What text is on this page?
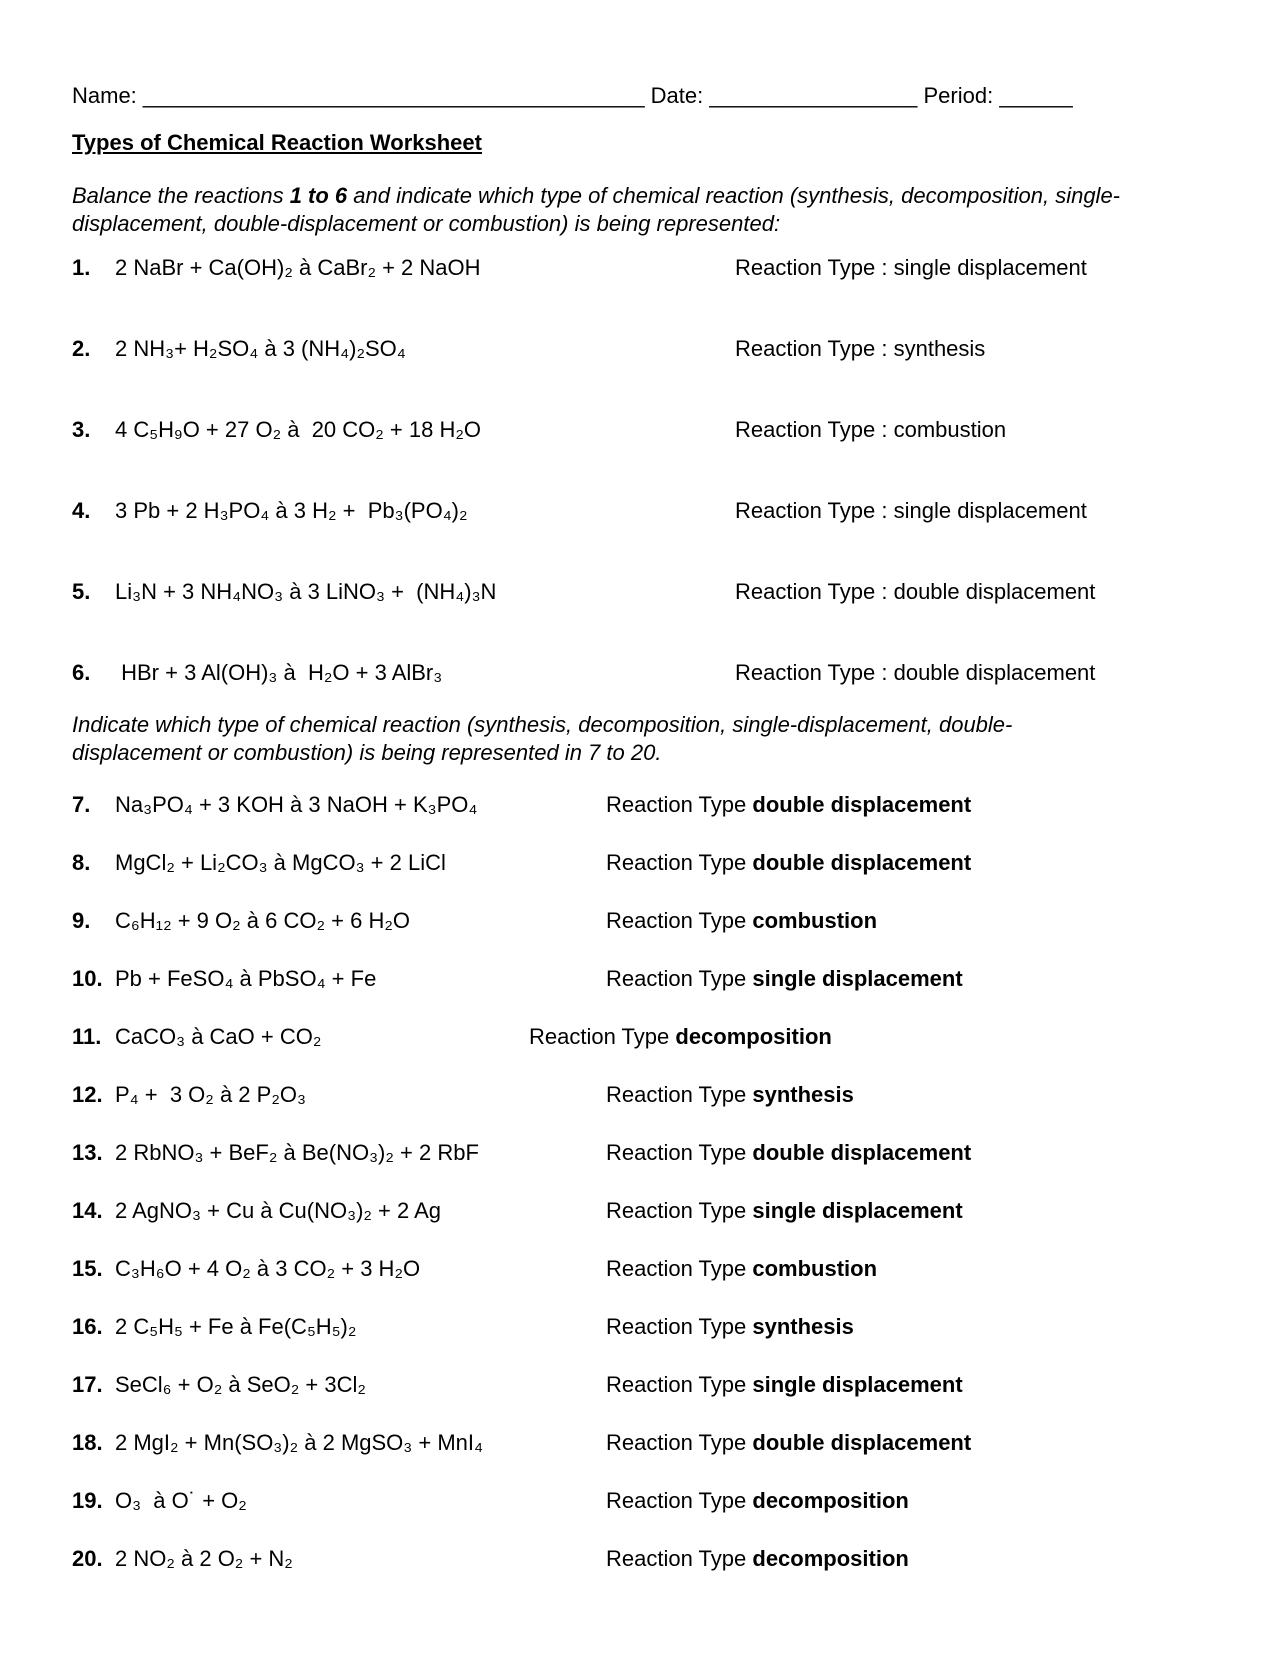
Name: _________________________________________ Date: _________________ Period: ______
Types of Chemical Reaction Worksheet

Balance the reactions 1 to 6 and indicate which type of chemical reaction (synthesis, decomposition, single-displacement, double-displacement or combustion) is being represented:

1.	2 NaBr + Ca(OH)₂ à CaBr₂ + 2 NaOH	Reaction Type : single displacement
2.	2 NH₃+ H₂SO₄ à 3 (NH₄)₂SO₄	Reaction Type : synthesis
3.	4 C₅H₉O + 27 O₂ à  20 CO₂ + 18 H₂O	Reaction Type : combustion
4.	3 Pb + 2 H₃PO₄ à 3 H₂ +  Pb₃(PO₄)₂	Reaction Type : single displacement
5.	Li₃N + 3 NH₄NO₃ à 3 LiNO₃ +  (NH₄)₃N	Reaction Type : double displacement
6.	HBr + 3 Al(OH)₃ à  H₂O + 3 AlBr₃	Reaction Type : double displacement

Indicate which type of chemical reaction (synthesis, decomposition, single-displacement, double-displacement or combustion) is being represented in 7 to 20.

7.	Na₃PO₄ + 3 KOH à 3 NaOH + K₃PO₄	Reaction Type double displacement
8.	MgCl₂ + Li₂CO₃ à MgCO₃ + 2 LiCl	Reaction Type double displacement
9.	C₆H₁₂ + 9 O₂ à 6 CO₂ + 6 H₂O	Reaction Type combustion
10. Pb + FeSO₄ à PbSO₄ + Fe	Reaction Type single displacement
11. CaCO₃ à CaO + CO₂	Reaction Type decomposition
12. P₄ +  3 O₂ à 2 P₂O₃	Reaction Type synthesis
13. 2 RbNO₃ + BeF₂ à Be(NO₃)₂ + 2 RbF	Reaction Type double displacement
14. 2 AgNO₃ + Cu à Cu(NO₃)₂ + 2 Ag	Reaction Type single displacement
15. C₃H₆O + 4 O₂ à 3 CO₂ + 3 H₂O	Reaction Type combustion
16. 2 C₅H₅ + Fe à Fe(C₅H₅)₂	Reaction Type synthesis
17. SeCl₆ + O₂ à SeO₂ + 3Cl₂	Reaction Type single displacement
18. 2 MgI₂ + Mn(SO₃)₂ à 2 MgSO₃ + MnI₄	Reaction Type double displacement
19. O₃  à O˙ + O₂	Reaction Type decomposition
20. 2 NO₂ à 2 O₂ + N₂	Reaction Type decomposition
